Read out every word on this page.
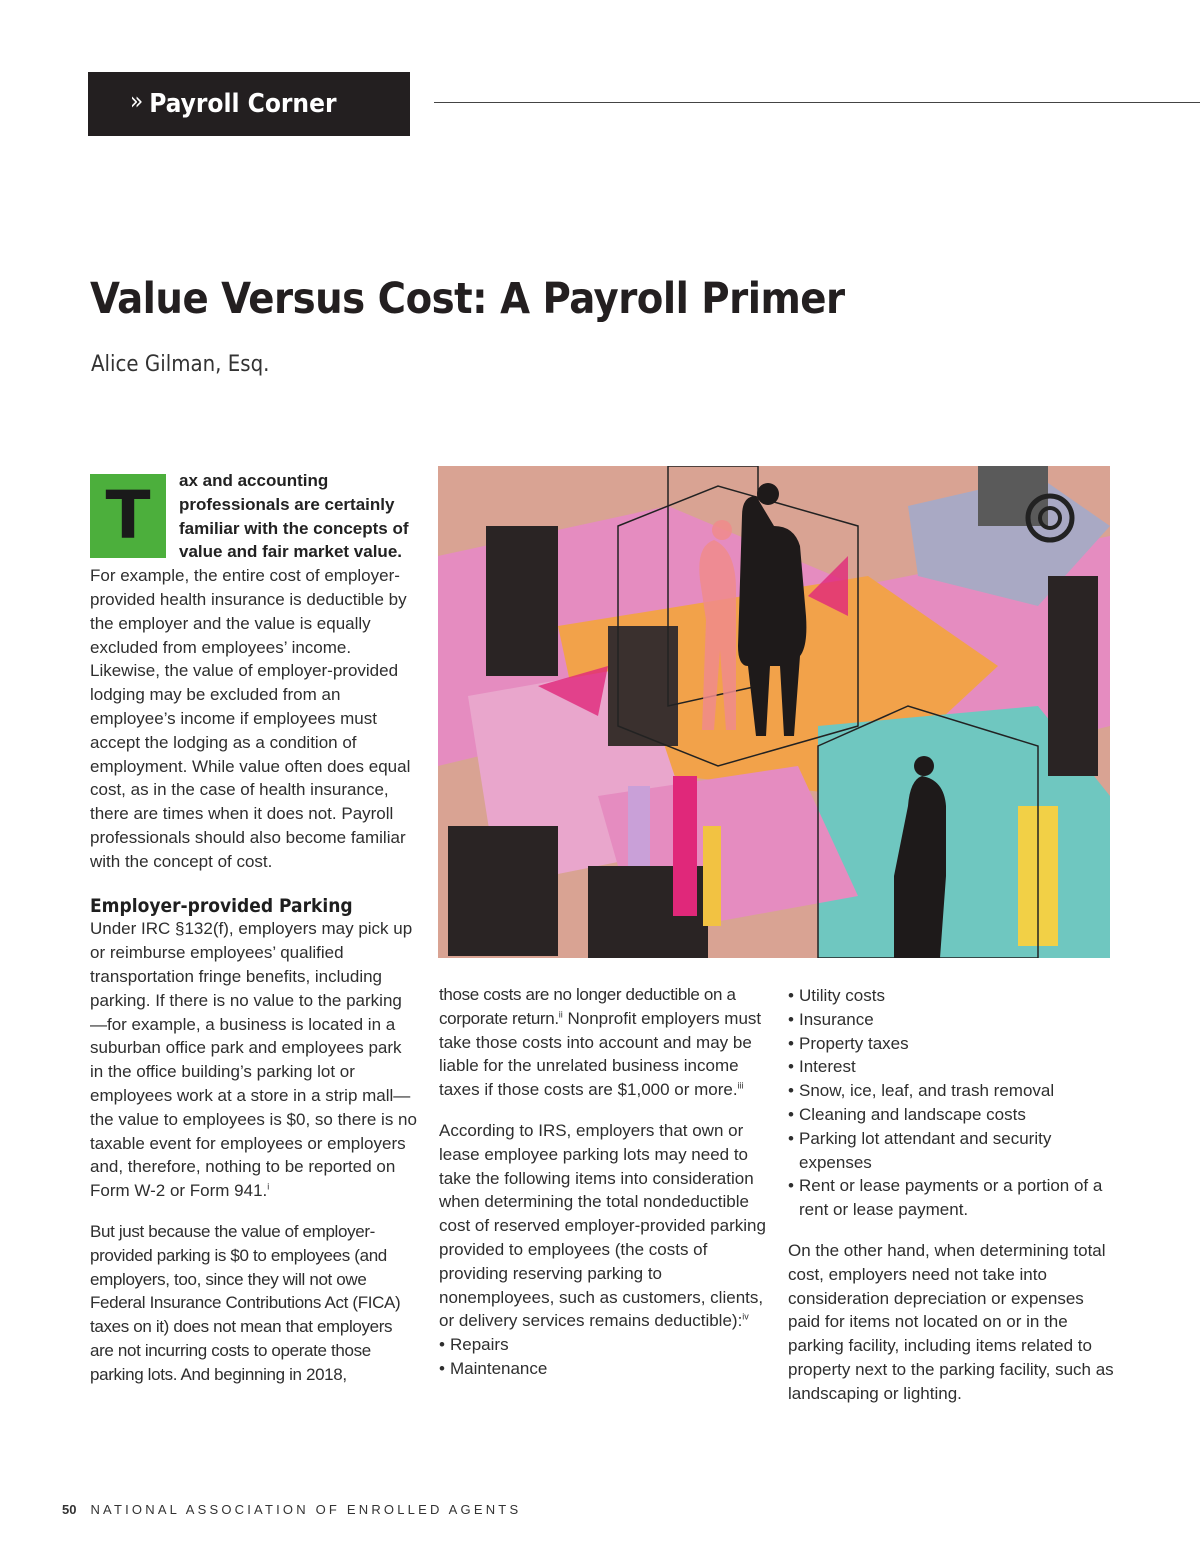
» Payroll Corner
Value Versus Cost: A Payroll Primer
Alice Gilman, Esq.

T	ax and accounting professionals are certainly familiar with the concepts of value and fair market value. For example, the entire cost of employer-provided health insurance is deductible by the employer and the value is equally excluded from employees’ income. Likewise, the value of employer-provided lodging may be excluded from an employee’s income if employees must accept the lodging as a condition of employment. While value often does equal cost, as in the case of health insurance, there are times when it does not. Payroll professionals should also become familiar with the concept of cost.

Employer-provided Parking

Under IRC §132(f), employers may pick up or reimburse employees’ qualified transportation fringe benefits, including parking. If there is no value to the parking—for example, a business is located in a suburban office park and employees park in the office building’s parking lot or employees work at a store in a strip mall—the value to employees is $0, so there is no taxable event for employees or employers and, therefore, nothing to be reported on Form W-2 or Form 941.$^i$

But just because the value of employer-provided parking is $0 to employees (and employers, too, since they will not owe Federal Insurance Contributions Act (FICA) taxes on it) does not mean that employers are not incurring costs to operate those parking lots. And beginning in 2018,

those costs are no longer deductible on a corporate return.$^{ii}$ Nonprofit employers must take those costs into account and may be liable for the unrelated business income taxes if those costs are $1,000 or more.$^{iii}$

According to IRS, employers that own or lease employee parking lots may need to take the following items into consideration when determining the total nondeductible cost of reserved employer-provided parking provided to employees (the costs of providing reserving parking to nonemployees, such as customers, clients, or delivery services remains deductible):$^{iv}$

• Repairs
• Maintenance
• Utility costs
• Insurance
• Property taxes
• Interest
• Snow, ice, leaf, and trash removal
• Cleaning and landscape costs
• Parking lot attendant and security expenses
• Rent or lease payments or a portion of a rent or lease payment.

On the other hand, when determining total cost, employers need not take into consideration depreciation or expenses paid for items not located on or in the parking facility, including items related to property next to the parking facility, such as landscaping or lighting.

50 NATIONAL ASSOCIATION OF ENROLLED AGENTS
